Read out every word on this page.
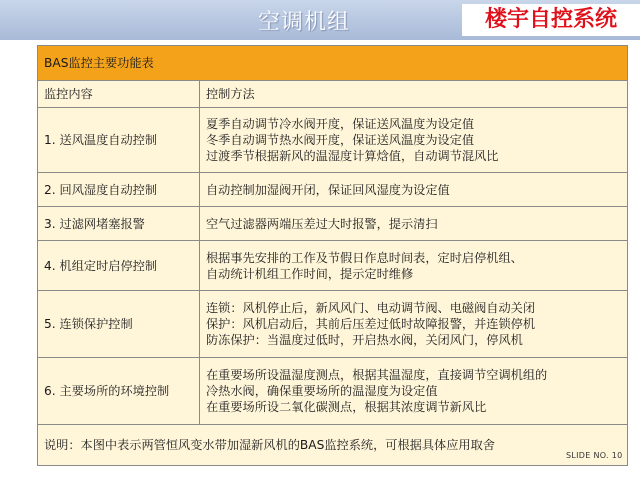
空调机组	楼宇自控系统
BAS监控主要功能表	
监控内容	控制方法
1. 送风温度自动控制	夏季自动调节冷水阀开度，保证送风温度为设定值
冬季自动调节热水阀开度，保证送风温度为设定值
过渡季节根据新风的温湿度计算焓值，自动调节混风比

2. 回风湿度自动控制	自动控制加湿阀开闭，保证回风湿度为设定值

3. 过滤网堵塞报警	空气过滤器两端压差过大时报警，提示清扫

4. 机组定时启停控制	根据事先安排的工作及节假日作息时间表，定时启停机组、
自动统计机组工作时间，提示定时维修

5. 连锁保护控制	连锁：风机停止后，新风风门、电动调节阀、电磁阀自动关闭
保护：风机启动后，其前后压差过低时故障报警，并连锁停机
防冻保护：当温度过低时，开启热水阀，关闭风门，停风机

6. 主要场所的环境控制	在重要场所设温湿度测点，根据其温湿度，直接调节空调机组的
冷热水阀，确保重要场所的温湿度为设定值
在重要场所设二氧化碳测点，根据其浓度调节新风比

说明：本图中表示两管恒风变水带加湿新风机的BAS监控系统，可根据具体应用取舍	
SLIDE NO. 10
